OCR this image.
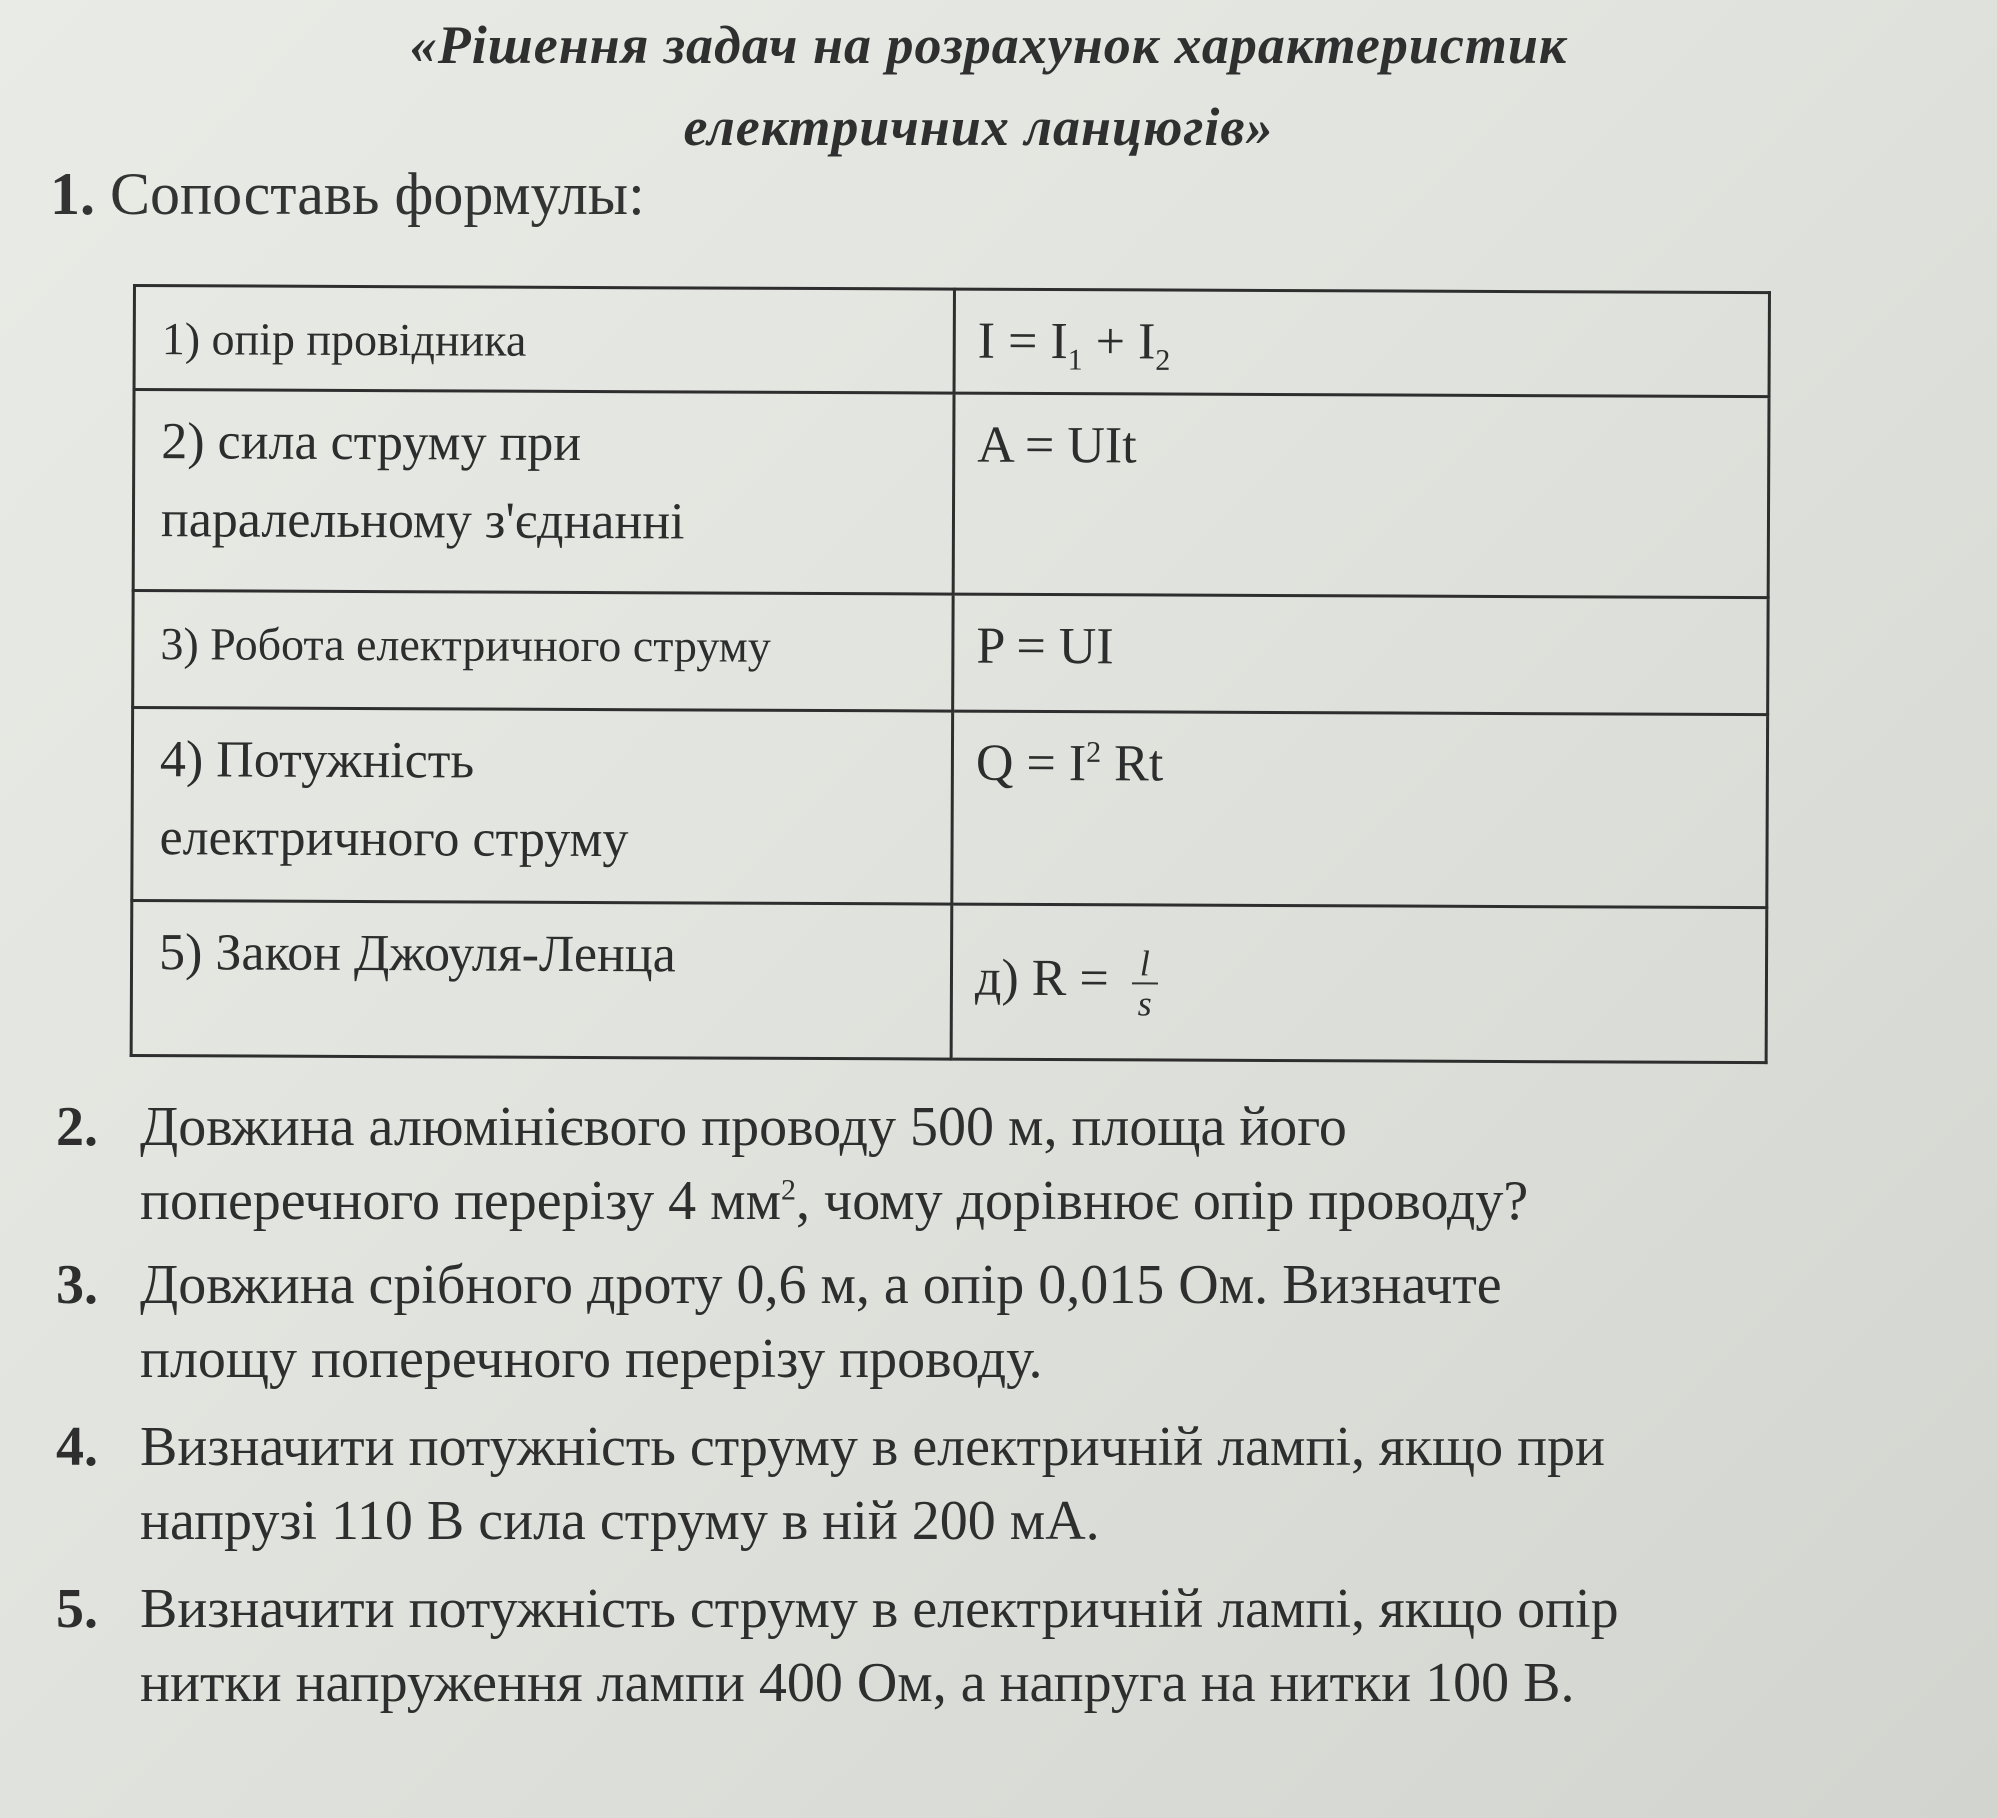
«Рішення задач на розрахунок характеристик
електричних ланцюгів»
1. Сопоставь формулы:
1) опір провідника	$I = I_1 + I_2$
2) сила струму при
паралельному з'єднанні	A = UIt
3) Робота електричного струму	P = UI
4) Потужність
електричного струму	$Q = I^2$ Rt
5) Закон Джоуля-Ленца	д) $R = \frac{l}{s}$
2. Довжина алюмінієвого проводу 500 м, площа його
поперечного перерізу 4 $мм^2$, чому дорівнює опір проводу?
3. Довжина срібного дроту 0,6 м, а опір 0,015 Ом. Визначте
площу поперечного перерізу проводу.
4. Визначити потужність струму в електричній лампі, якщо при
напрузі 110 В сила струму в ній 200 мА.
5. Визначити потужність струму в електричній лампі, якщо опір
нитки напруження лампи 400 Ом, а напруга на нитки 100 В.
